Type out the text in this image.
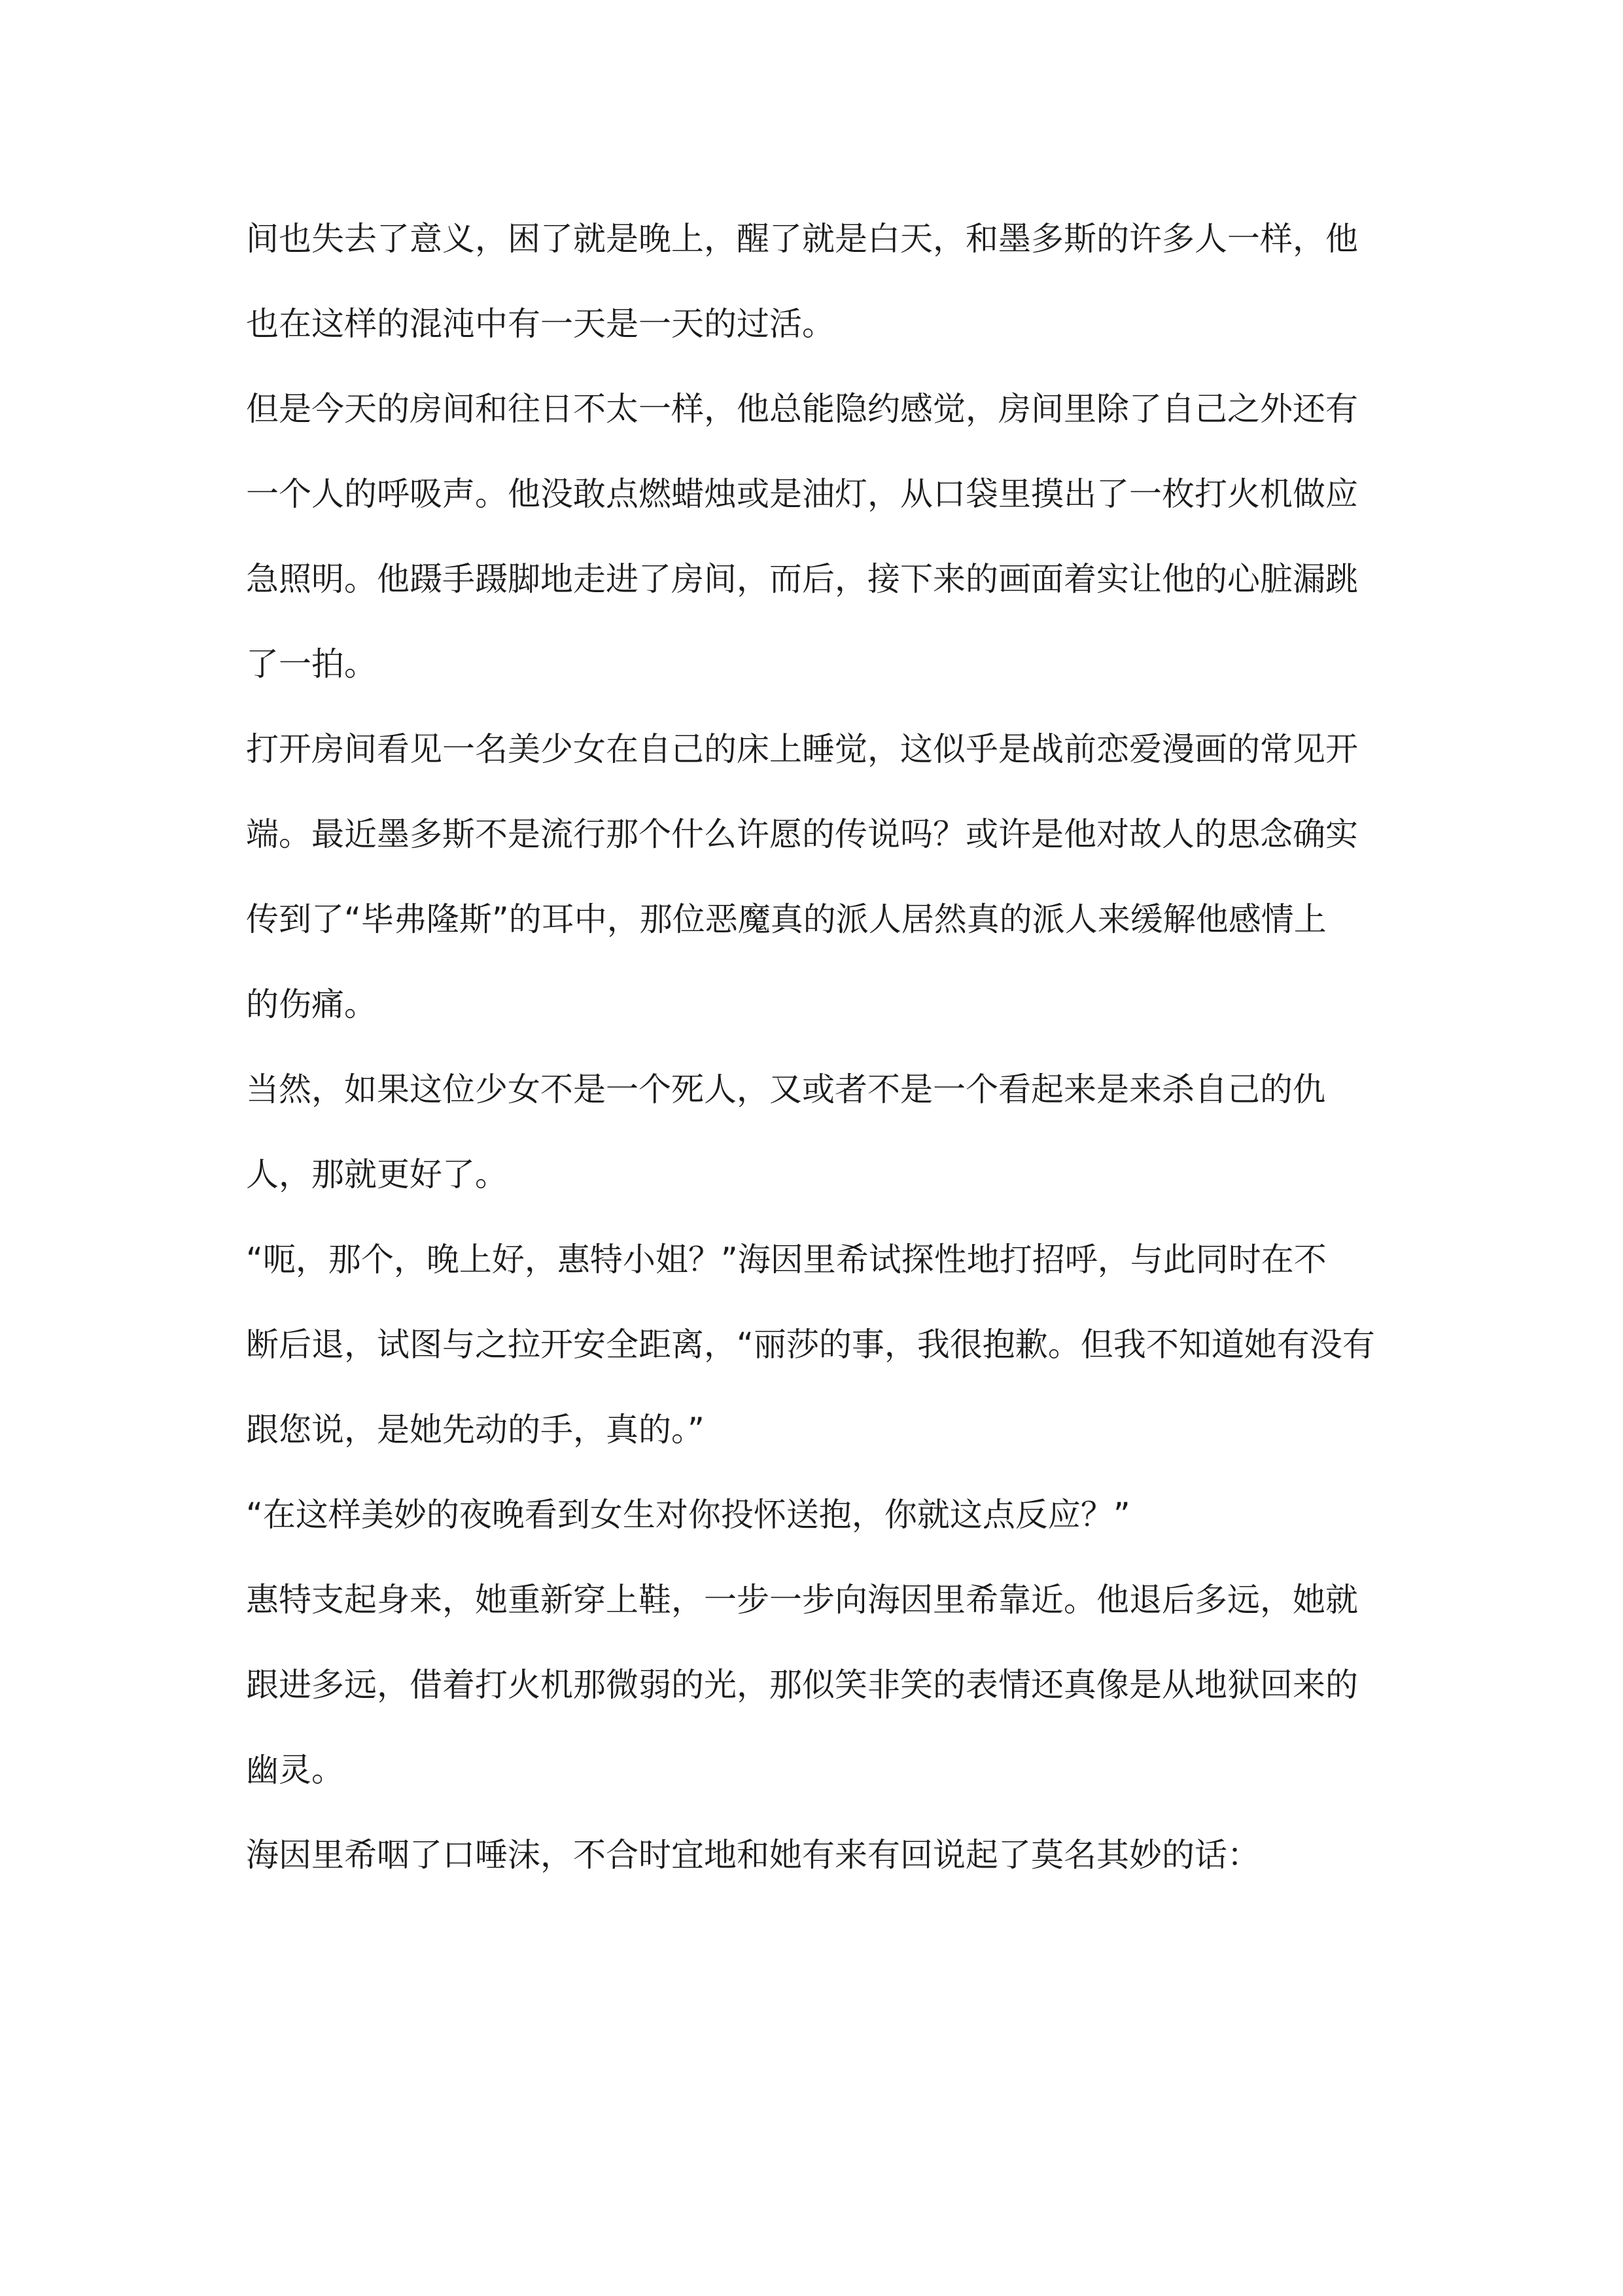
间也失去了意义，困了就是晚上，醒了就是白天，和墨多斯的许多人一样，他
也在这样的混沌中有一天是一天的过活。
但是今天的房间和往日不太一样，他总能隐约感觉，房间里除了自己之外还有
一个人的呼吸声。他没敢点燃蜡烛或是油灯，从口袋里摸出了一枚打火机做应
急照明。他蹑手蹑脚地走进了房间，而后，接下来的画面着实让他的心脏漏跳
了一拍。
打开房间看见一名美少女在自己的床上睡觉，这似乎是战前恋爱漫画的常见开
端。最近墨多斯不是流行那个什么许愿的传说吗？或许是他对故人的思念确实
传到了“毕弗隆斯”的耳中，那位恶魔真的派人居然真的派人来缓解他感情上
的伤痛。
当然，如果这位少女不是一个死人，又或者不是一个看起来是来杀自己的仇
人，那就更好了。
“呃，那个，晚上好，惠特小姐？”海因里希试探性地打招呼，与此同时在不
断后退，试图与之拉开安全距离，“丽莎的事，我很抱歉。但我不知道她有没有
跟您说，是她先动的手，真的。”
“在这样美妙的夜晚看到女生对你投怀送抱，你就这点反应？”
惠特支起身来，她重新穿上鞋，一步一步向海因里希靠近。他退后多远，她就
跟进多远，借着打火机那微弱的光，那似笑非笑的表情还真像是从地狱回来的
幽灵。
海因里希咽了口唾沫，不合时宜地和她有来有回说起了莫名其妙的话：
